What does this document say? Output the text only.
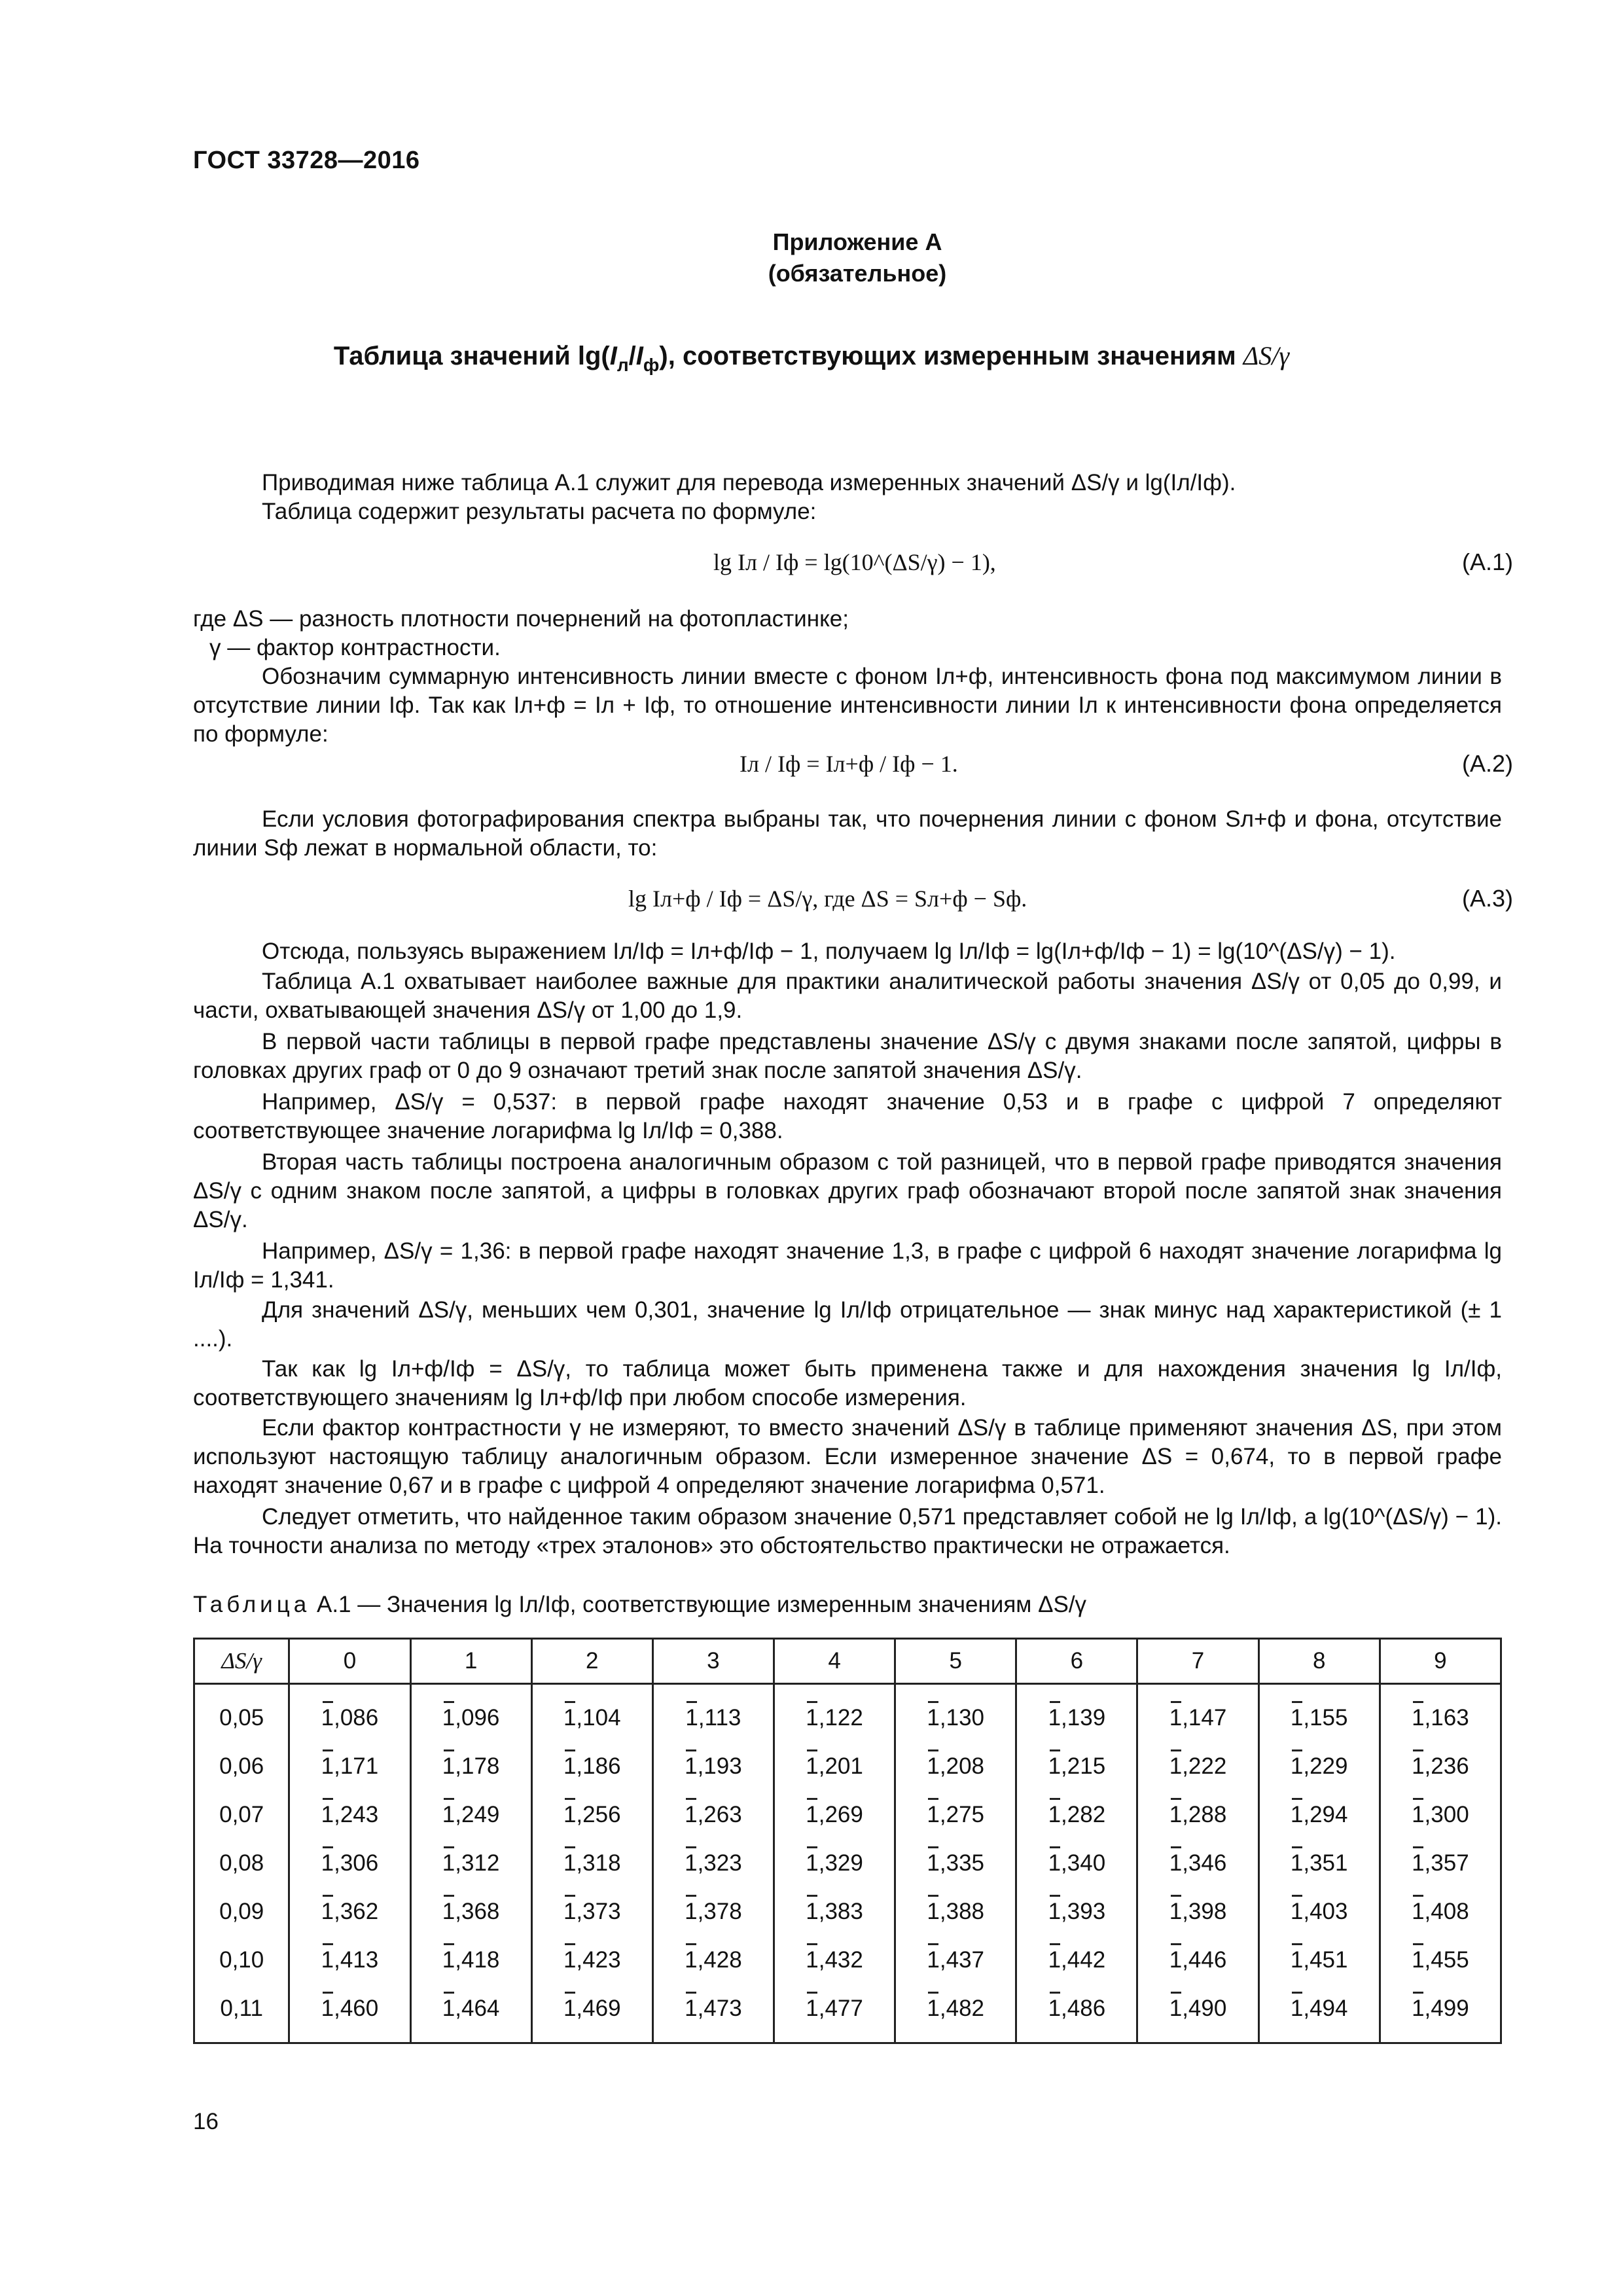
ГОСТ 33728—2016
Приложение А
(обязательное)
Таблица значений $\lg(I_л/I_ф)$, соответствующих измеренным значениям ΔS/γ
Приводимая ниже таблица А.1 служит для перевода измеренных значений ΔS/γ и lg(Iл/Iф).
Таблица содержит результаты расчета по формуле:
lg Iл / Iф = lg(10^(ΔS/γ) − 1),	(А.1)
где ΔS — разность плотности почернений на фотопластинке;
γ — фактор контрастности.
Обозначим суммарную интенсивность линии вместе с фоном Iл+ф, интенсивность фона под максимумом линии в отсутствие линии Iф. Так как Iл+ф = Iл + Iф, то отношение интенсивности линии Iл к интенсивности фона определяется по формуле:
Iл / Iф = Iл+ф / Iф − 1.	(А.2)
Если условия фотографирования спектра выбраны так, что почернения линии с фоном Sл+ф и фона, отсутствие линии Sф лежат в нормальной области, то:
lg Iл+ф / Iф = ΔS/γ, где ΔS = Sл+ф − Sф.	(А.3)
Отсюда, пользуясь выражением Iл/Iф = Iл+ф/Iф − 1, получаем lg Iл/Iф = lg(Iл+ф/Iф − 1) = lg(10^(ΔS/γ) − 1).
Таблица А.1 охватывает наиболее важные для практики аналитической работы значения ΔS/γ от 0,05 до 0,99, и части, охватывающей значения ΔS/γ от 1,00 до 1,9.
В первой части таблицы в первой графе представлены значение ΔS/γ с двумя знаками после запятой, цифры в головках других граф от 0 до 9 означают третий знак после запятой значения ΔS/γ.
Например, ΔS/γ = 0,537: в первой графе находят значение 0,53 и в графе с цифрой 7 определяют соответствующее значение логарифма lg Iл/Iф = 0,388.
Вторая часть таблицы построена аналогичным образом с той разницей, что в первой графе приводятся значения ΔS/γ с одним знаком после запятой, а цифры в головках других граф обозначают второй после запятой знак значения ΔS/γ.
Например, ΔS/γ = 1,36: в первой графе находят значение 1,3, в графе с цифрой 6 находят значение логарифма lg Iл/Iф = 1,341.
Для значений ΔS/γ, меньших чем 0,301, значение lg Iл/Iф отрицательное — знак минус над характеристикой (± 1 ....).
Так как lg Iл+ф/Iф = ΔS/γ, то таблица может быть применена также и для нахождения значения lg Iл/Iф, соответствующего значениям lg Iл+ф/Iф при любом способе измерения.
Если фактор контрастности γ не измеряют, то вместо значений ΔS/γ в таблице применяют значения ΔS, при этом используют настоящую таблицу аналогичным образом. Если измеренное значение ΔS = 0,674, то в первой графе находят значение 0,67 и в графе с цифрой 4 определяют значение логарифма 0,571.
Следует отметить, что найденное таким образом значение 0,571 представляет собой не lg Iл/Iф, а lg(10^(ΔS/γ) − 1). На точности анализа по методу «трех эталонов» это обстоятельство практически не отражается.
Таблица А.1 — Значения lg Iл/Iф, соответствующие измеренным значениям ΔS/γ
ΔS/γ	0	1	2	3	4	5	6	7	8	9
0,05	1,086	1,096	1,104	1,113	1,122	1,130	1,139	1,147	1,155	1,163

0,06	1,171	1,178	1,186	1,193	1,201	1,208	1,215	1,222	1,229	1,236

0,07	1,243	1,249	1,256	1,263	1,269	1,275	1,282	1,288	1,294	1,300

0,08	1,306	1,312	1,318	1,323	1,329	1,335	1,340	1,346	1,351	1,357

0,09	1,362	1,368	1,373	1,378	1,383	1,388	1,393	1,398	1,403	1,408

0,10	1,413	1,418	1,423	1,428	1,432	1,437	1,442	1,446	1,451	1,455

0,11	1,460	1,464	1,469	1,473	1,477	1,482	1,486	1,490	1,494	1,499
16
